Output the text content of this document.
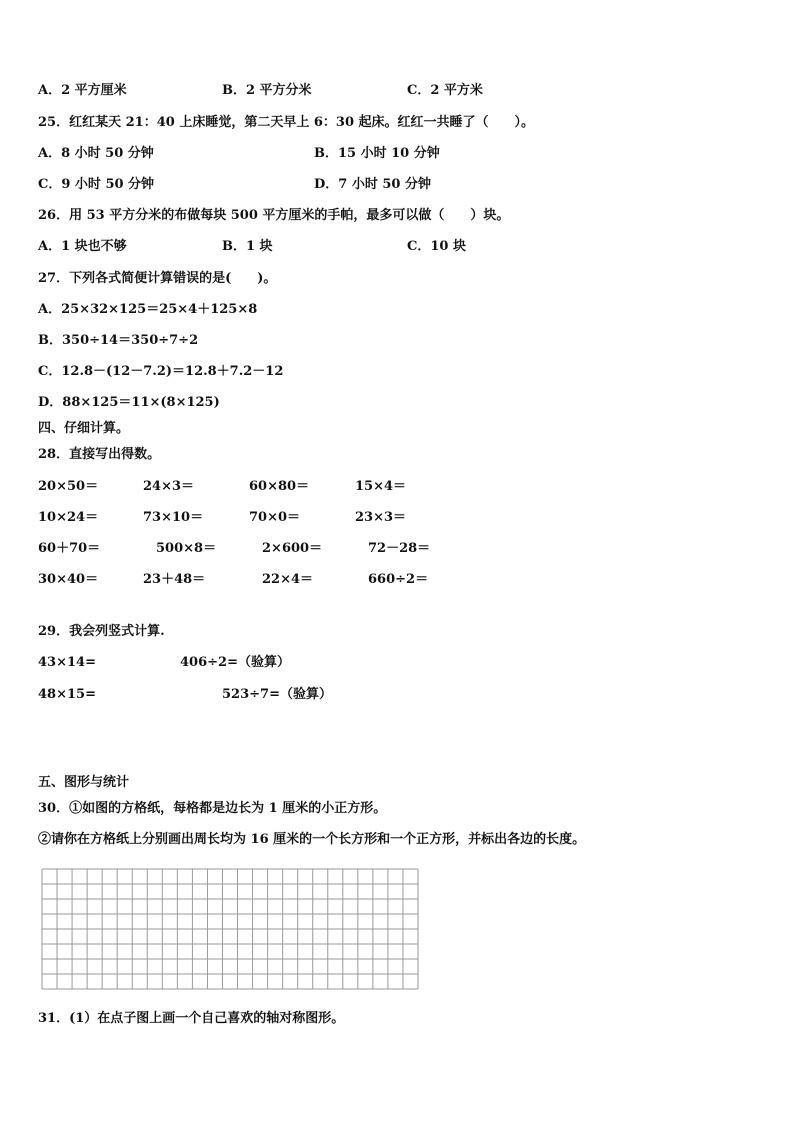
A．2 平方厘米	B．2 平方分米	C．2 平方米
25．红红某天 21：40 上床睡觉，第二天早上 6：30 起床。红红一共睡了（　　）。
A．8 小时 50 分钟	B．15 小时 10 分钟
C．9 小时 50 分钟	D．7 小时 50 分钟
26．用 53 平方分米的布做每块 500 平方厘米的手帕，最多可以做（　　）块。
A．1 块也不够	B．1 块	C．10 块
27．下列各式简便计算错误的是(　　)。
A．25×32×125＝25×4＋125×8
B．350÷14＝350÷7÷2
C．12.8－(12－7.2)＝12.8＋7.2－12
D．88×125＝11×(8×125)
四、仔细计算。
28．直接写出得数。
20×50＝	24×3＝	60×80＝	15×4＝
10×24＝	73×10＝	70×0＝	23×3＝
60＋70＝	500×8＝	2×600＝	72－28＝
30×40＝	23＋48＝	22×4＝	660÷2＝
29．我会列竖式计算.
43×14=	406÷2=（验算）
48×15=	523÷7=（验算）
五、图形与统计
30．①如图的方格纸，每格都是边长为 1 厘米的小正方形。
②请你在方格纸上分别画出周长均为 16 厘米的一个长方形和一个正方形，并标出各边的长度。
31．(1）在点子图上画一个自己喜欢的轴对称图形。
